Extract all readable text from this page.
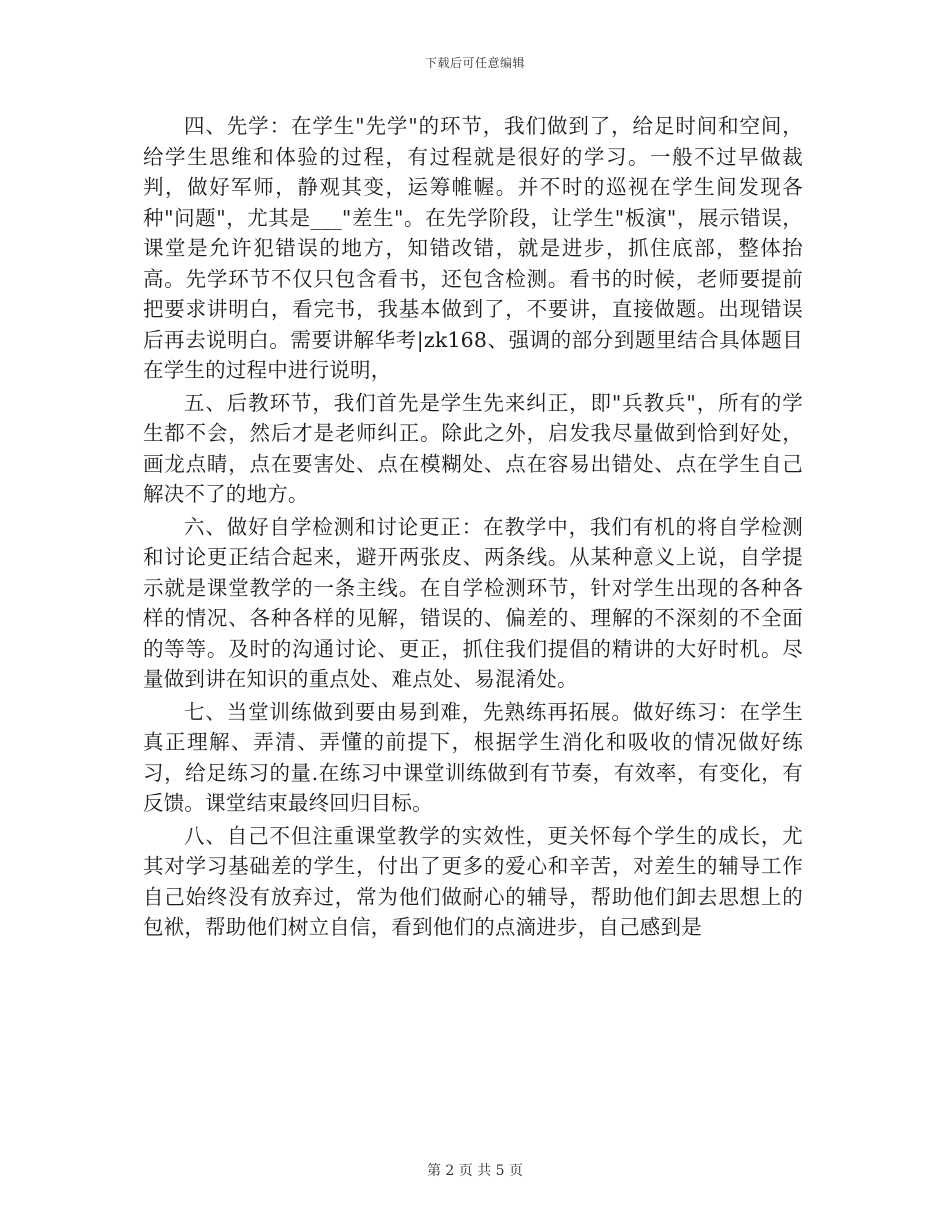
下载后可任意编辑

四、先学：在学生"先学"的环节，我们做到了，给足时间和空间，给学生思维和体验的过程，有过程就是很好的学习。一般不过早做裁判，做好军师，静观其变，运筹帷幄。并不时的巡视在学生间发现各种"问题"，尤其是___"差生"。在先学阶段，让学生"板演"，展示错误，课堂是允许犯错误的地方，知错改错，就是进步，抓住底部，整体抬高。先学环节不仅只包含看书，还包含检测。看书的时候，老师要提前把要求讲明白，看完书，我基本做到了，不要讲，直接做题。出现错误后再去说明白。需要讲解华考|zk168、强调的部分到题里结合具体题目在学生的过程中进行说明，

五、后教环节，我们首先是学生先来纠正，即"兵教兵"，所有的学生都不会，然后才是老师纠正。除此之外，启发我尽量做到恰到好处，画龙点睛，点在要害处、点在模糊处、点在容易出错处、点在学生自己解决不了的地方。

六、做好自学检测和讨论更正：在教学中，我们有机的将自学检测和讨论更正结合起来，避开两张皮、两条线。从某种意义上说，自学提示就是课堂教学的一条主线。在自学检测环节，针对学生出现的各种各样的情况、各种各样的见解，错误的、偏差的、理解的不深刻的不全面的等等。及时的沟通讨论、更正，抓住我们提倡的精讲的大好时机。尽量做到讲在知识的重点处、难点处、易混淆处。

七、当堂训练做到要由易到难，先熟练再拓展。做好练习：在学生真正理解、弄清、弄懂的前提下，根据学生消化和吸收的情况做好练习，给足练习的量.在练习中课堂训练做到有节奏，有效率，有变化，有反馈。课堂结束最终回归目标。

八、自己不但注重课堂教学的实效性，更关怀每个学生的成长，尤其对学习基础差的学生，付出了更多的爱心和辛苦，对差生的辅导工作自己始终没有放弃过，常为他们做耐心的辅导，帮助他们卸去思想上的包袱，帮助他们树立自信，看到他们的点滴进步，自己感到是

第 2 页 共 5 页
